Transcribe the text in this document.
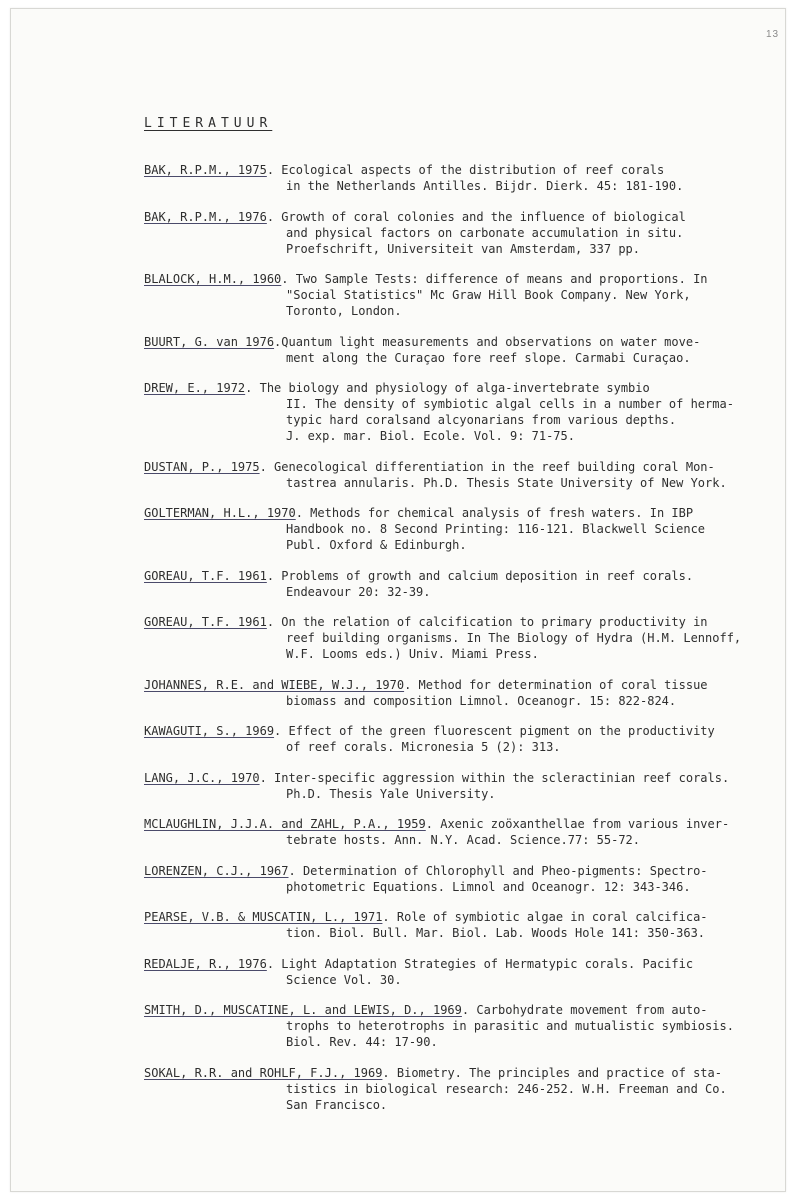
13
LITERATUUR
BAK, R.P.M., 1975. Ecological aspects of the distribution of reef corals
in the Netherlands Antilles. Bijdr. Dierk. 45: 181-190.
BAK, R.P.M., 1976. Growth of coral colonies and the influence of biological
and physical factors on carbonate accumulation in situ.
Proefschrift, Universiteit van Amsterdam, 337 pp.
BLALOCK, H.M., 1960. Two Sample Tests: difference of means and proportions. In
"Social Statistics" Mc Graw Hill Book Company. New York,
Toronto, London.
BUURT, G. van 1976.Quantum light measurements and observations on water move-
ment along the Curaçao fore reef slope. Carmabi Curaçao.
DREW, E., 1972. The biology and physiology of alga-invertebrate symbio
II. The density of symbiotic algal cells in a number of herma-
typic hard coralsand alcyonarians from various depths.
J. exp. mar. Biol. Ecole. Vol. 9: 71-75.
DUSTAN, P., 1975. Genecological differentiation in the reef building coral Mon-
tastrea annularis. Ph.D. Thesis State University of New York.
GOLTERMAN, H.L., 1970. Methods for chemical analysis of fresh waters. In IBP
Handbook no. 8 Second Printing: 116-121. Blackwell Science
Publ. Oxford & Edinburgh.
GOREAU, T.F. 1961. Problems of growth and calcium deposition in reef corals.
Endeavour 20: 32-39.
GOREAU, T.F. 1961. On the relation of calcification to primary productivity in
reef building organisms. In The Biology of Hydra (H.M. Lennoff,
W.F. Looms eds.) Univ. Miami Press.
JOHANNES, R.E. and WIEBE, W.J., 1970. Method for determination of coral tissue
biomass and composition Limnol. Oceanogr. 15: 822-824.
KAWAGUTI, S., 1969. Effect of the green fluorescent pigment on the productivity
of reef corals. Micronesia 5 (2): 313.
LANG, J.C., 1970. Inter-specific aggression within the scleractinian reef corals.
Ph.D. Thesis Yale University.
MCLAUGHLIN, J.J.A. and ZAHL, P.A., 1959. Axenic zoöxanthellae from various inver-
tebrate hosts. Ann. N.Y. Acad. Science.77: 55-72.
LORENZEN, C.J., 1967. Determination of Chlorophyll and Pheo-pigments: Spectro-
photometric Equations. Limnol and Oceanogr. 12: 343-346.
PEARSE, V.B. & MUSCATIN, L., 1971. Role of symbiotic algae in coral calcifica-
tion. Biol. Bull. Mar. Biol. Lab. Woods Hole 141: 350-363.
REDALJE, R., 1976. Light Adaptation Strategies of Hermatypic corals. Pacific
Science Vol. 30.
SMITH, D., MUSCATINE, L. and LEWIS, D., 1969. Carbohydrate movement from auto-
trophs to heterotrophs in parasitic and mutualistic symbiosis.
Biol. Rev. 44: 17-90.
SOKAL, R.R. and ROHLF, F.J., 1969. Biometry. The principles and practice of sta-
tistics in biological research: 246-252. W.H. Freeman and Co.
San Francisco.
